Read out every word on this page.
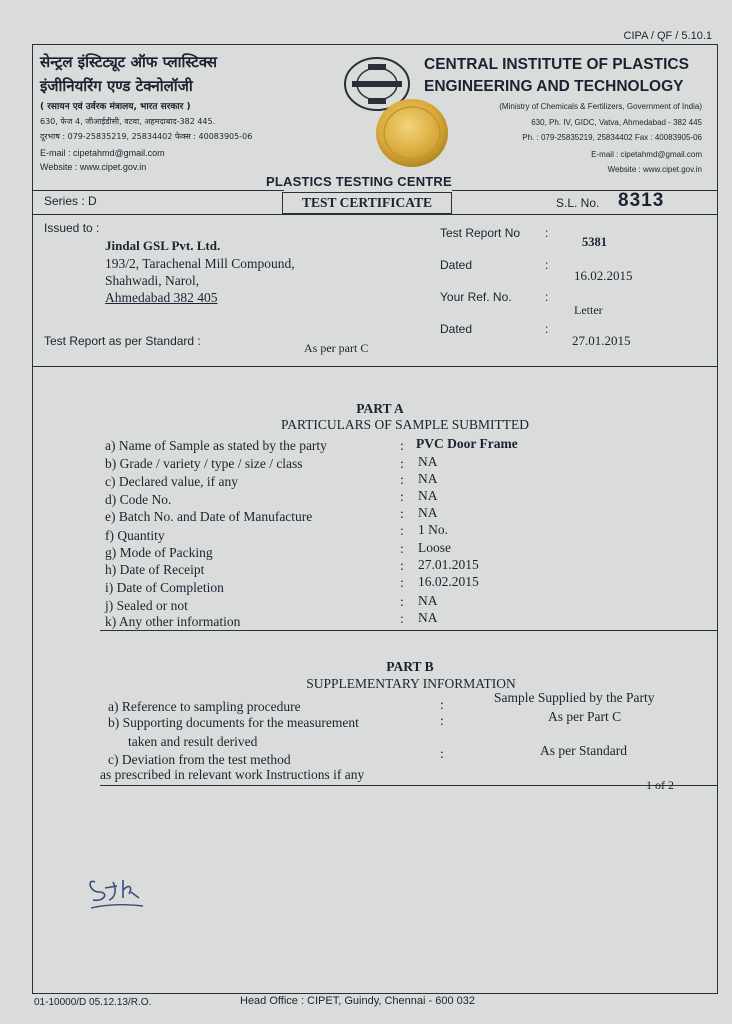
CIPA / QF / 5.10.1
सेन्ट्रल इंस्टिट्यूट ऑफ प्लास्टिक्स
इंजीनियरिंग एण्ड टेक्नोलॉजी
( रसायन एवं उर्वरक मंत्रालय, भारत सरकार )
630, फेज 4, जीआईडीसी, वटवा, अहमदाबाद-382 445.
दूरभाष : 079-25835219, 25834402 फेक्स : 40083905-06
E-mail : cipetahmd@gmail.com
Website : www.cipet.gov.in
CENTRAL INSTITUTE OF PLASTICS
ENGINEERING AND TECHNOLOGY
(Ministry of Chemicals & Fertilizers, Government of India)
630, Ph. IV, GIDC, Vatva, Ahmedabad - 382 445
Ph. : 079-25835219, 25834402 Fax : 40083905-06
E-mail : cipetahmd@gmail.com
Website : www.cipet.gov.in
PLASTICS TESTING CENTRE
Series : D	TEST CERTIFICATE	S.L. No. 8313
Issued to :
Jindal GSL Pvt. Ltd.
193/2, Tarachenal Mill Compound,
Shahwadi, Narol,
Ahmedabad 382 405
Test Report No :
5381
Dated	:
16.02.2015
Your Ref. No.	:
Letter
Dated	:
27.01.2015
Test Report as per Standard :	As per part C
PART A
PARTICULARS OF SAMPLE SUBMITTED
a) Name of Sample as stated by the party	: PVC Door Frame
b) Grade / variety / type / size / class	: NA
c) Declared value, if any	: NA
d) Code No.	: NA
e) Batch No. and Date of Manufacture	: NA
f) Quantity	: 1 No.
g) Mode of Packing	: Loose
h) Date of Receipt	: 27.01.2015
i) Date of Completion	: 16.02.2015
j) Sealed or not	: NA
k) Any other information	: NA
PART B
SUPPLEMENTARY INFORMATION
a) Reference to sampling procedure	:	Sample Supplied by the Party
b) Supporting documents for the measurement	:	As per Part C
taken and result derived
c) Deviation from the test method	:	As per Standard
as prescribed in relevant work Instructions if any
1 of 2
S.Jk
01-10000/D 05.12.13/R.O.	Head Office : CIPET, Guindy, Chennai - 600 032
